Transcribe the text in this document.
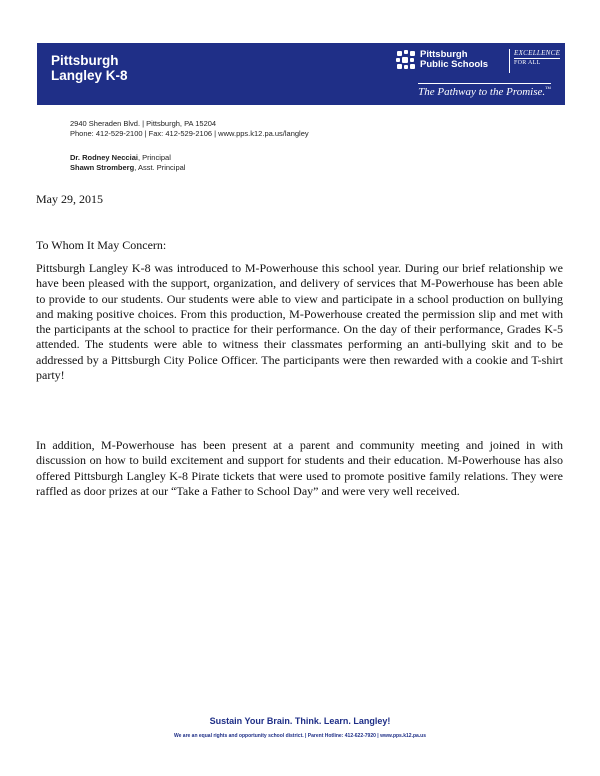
Pittsburgh
Langley K-8
Pittsburgh
Public Schools
EXCELLENCE
FOR ALL
The Pathway to the Promise.™
2940 Sheraden Blvd. | Pittsburgh, PA 15204
Phone: 412-529-2100 | Fax: 412-529-2106 | www.pps.k12.pa.us/langley
Dr. Rodney Necciai, Principal
Shawn Stromberg, Asst. Principal
May 29, 2015
To Whom It May Concern:

Pittsburgh Langley K-8 was introduced to M-Powerhouse this school year. During our brief relationship we have been pleased with the support, organization, and delivery of services that M-Powerhouse has been able to provide to our students. Our students were able to view and participate in a school production on bullying and making positive choices. From this production, M-Powerhouse created the permission slip and met with the participants at the school to practice for their performance. On the day of their performance, Grades K-5 attended. The students were able to witness their classmates performing an anti-bullying skit and to be addressed by a Pittsburgh City Police Officer. The participants were then rewarded with a cookie and T-shirt party!

In addition, M-Powerhouse has been present at a parent and community meeting and joined in with discussion on how to build excitement and support for students and their education. M-Powerhouse has also offered Pittsburgh Langley K-8 Pirate tickets that were used to promote positive family relations. They were raffled as door prizes at our “Take a Father to School Day” and were very well received.

Sustain Your Brain. Think. Learn. Langley!
We are an equal rights and opportunity school district. | Parent Hotline: 412-622-7920 | www.pps.k12.pa.us
